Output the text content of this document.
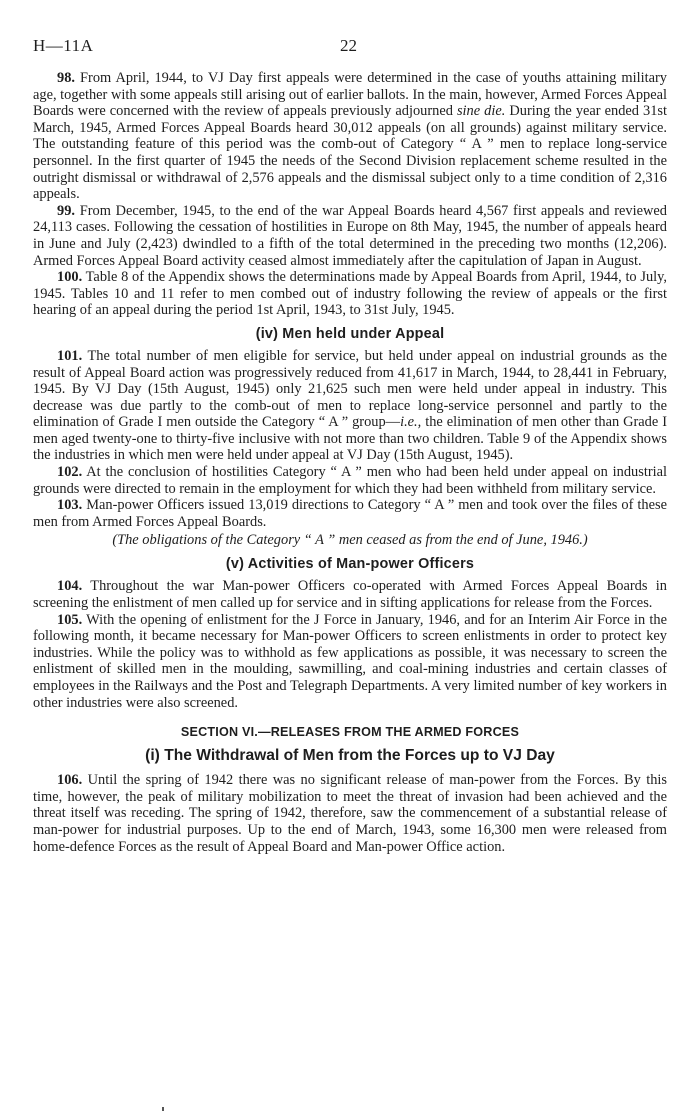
H—11A	22

98. From April, 1944, to VJ Day first appeals were determined in the case of youths attaining military age, together with some appeals still arising out of earlier ballots. In the main, however, Armed Forces Appeal Boards were concerned with the review of appeals previously adjourned sine die. During the year ended 31st March, 1945, Armed Forces Appeal Boards heard 30,012 appeals (on all grounds) against military service. The outstanding feature of this period was the comb-out of Category “ A ” men to replace long-service personnel. In the first quarter of 1945 the needs of the Second Division replacement scheme resulted in the outright dismissal or withdrawal of 2,576 appeals and the dismissal subject only to a time condition of 2,316 appeals.

99. From December, 1945, to the end of the war Appeal Boards heard 4,567 first appeals and reviewed 24,113 cases. Following the cessation of hostilities in Europe on 8th May, 1945, the number of appeals heard in June and July (2,423) dwindled to a fifth of the total determined in the preceding two months (12,206). Armed Forces Appeal Board activity ceased almost immediately after the capitulation of Japan in August.

100. Table 8 of the Appendix shows the determinations made by Appeal Boards from April, 1944, to July, 1945. Tables 10 and 11 refer to men combed out of industry following the review of appeals or the first hearing of an appeal during the period 1st April, 1943, to 31st July, 1945.

(iv) Men held under Appeal

101. The total number of men eligible for service, but held under appeal on industrial grounds as the result of Appeal Board action was progressively reduced from 41,617 in March, 1944, to 28,441 in February, 1945. By VJ Day (15th August, 1945) only 21,625 such men were held under appeal in industry. This decrease was due partly to the comb-out of men to replace long-service personnel and partly to the elimination of Grade I men outside the Category “ A ” group—i.e., the elimination of men other than Grade I men aged twenty-one to thirty-five inclusive with not more than two children. Table 9 of the Appendix shows the industries in which men were held under appeal at VJ Day (15th August, 1945).

102. At the conclusion of hostilities Category “ A ” men who had been held under appeal on industrial grounds were directed to remain in the employment for which they had been withheld from military service.

103. Man-power Officers issued 13,019 directions to Category “ A ” men and took over the files of these men from Armed Forces Appeal Boards.

(The obligations of the Category “ A ” men ceased as from the end of June, 1946.)

(v) Activities of Man-power Officers

104. Throughout the war Man-power Officers co-operated with Armed Forces Appeal Boards in screening the enlistment of men called up for service and in sifting applications for release from the Forces.

105. With the opening of enlistment for the J Force in January, 1946, and for an Interim Air Force in the following month, it became necessary for Man-power Officers to screen enlistments in order to protect key industries. While the policy was to withhold as few applications as possible, it was necessary to screen the enlistment of skilled men in the moulding, sawmilling, and coal-mining industries and certain classes of employees in the Railways and the Post and Telegraph Departments. A very limited number of key workers in other industries were also screened.

SECTION VI.—RELEASES FROM THE ARMED FORCES
(i) The Withdrawal of Men from the Forces up to VJ Day

106. Until the spring of 1942 there was no significant release of man-power from the Forces. By this time, however, the peak of military mobilization to meet the threat of invasion had been achieved and the threat itself was receding. The spring of 1942, therefore, saw the commencement of a substantial release of man-power for industrial purposes. Up to the end of March, 1943, some 16,300 men were released from home-defence Forces as the result of Appeal Board and Man-power Office action.
